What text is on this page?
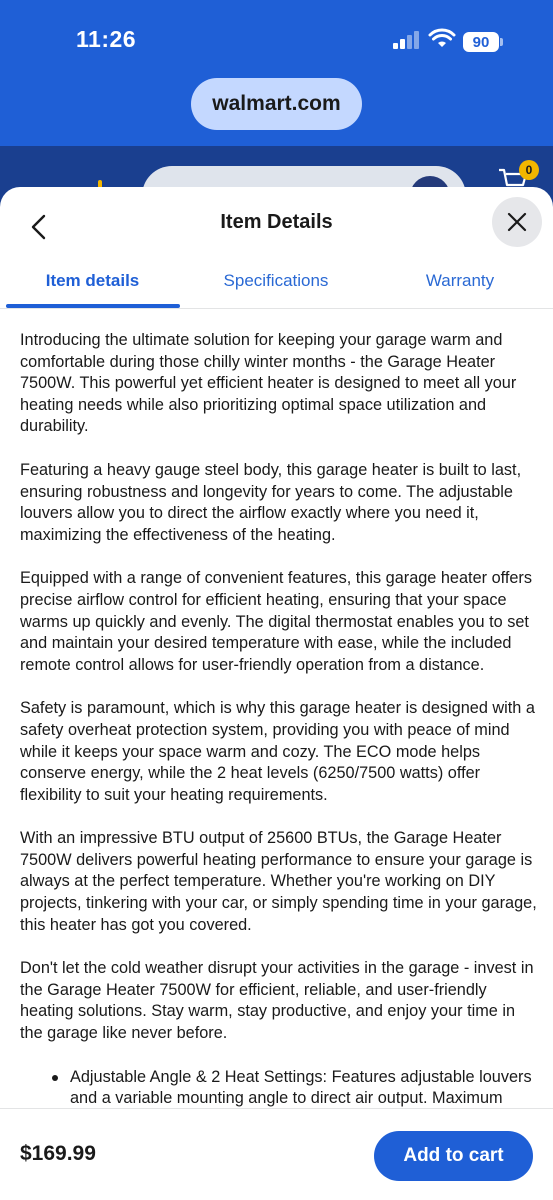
11:26	90
walmart.com
0
Item Details
Item details	Specifications	Warranty

Introducing the ultimate solution for keeping your garage warm and comfortable during those chilly winter months - the Garage Heater 7500W. This powerful yet efficient heater is designed to meet all your heating needs while also prioritizing optimal space utilization and durability.

Featuring a heavy gauge steel body, this garage heater is built to last, ensuring robustness and longevity for years to come. The adjustable louvers allow you to direct the airflow exactly where you need it, maximizing the effectiveness of the heating.

Equipped with a range of convenient features, this garage heater offers precise airflow control for efficient heating, ensuring that your space warms up quickly and evenly. The digital thermostat enables you to set and maintain your desired temperature with ease, while the included remote control allows for user-friendly operation from a distance.

Safety is paramount, which is why this garage heater is designed with a safety overheat protection system, providing you with peace of mind while it keeps your space warm and cozy. The ECO mode helps conserve energy, while the 2 heat levels (6250/7500 watts) offer flexibility to suit your heating requirements.

With an impressive BTU output of 25600 BTUs, the Garage Heater 7500W delivers powerful heating performance to ensure your garage is always at the perfect temperature. Whether you're working on DIY projects, tinkering with your car, or simply spending time in your garage, this heater has got you covered.

Don't let the cold weather disrupt your activities in the garage - invest in the Garage Heater 7500W for efficient, reliable, and user-friendly heating solutions. Stay warm, stay productive, and enjoy your time in the garage like never before.

Adjustable Angle & 2 Heat Settings: Features adjustable louvers and a variable mounting angle to direct air output. Maximum
$169.99	Add to cart
